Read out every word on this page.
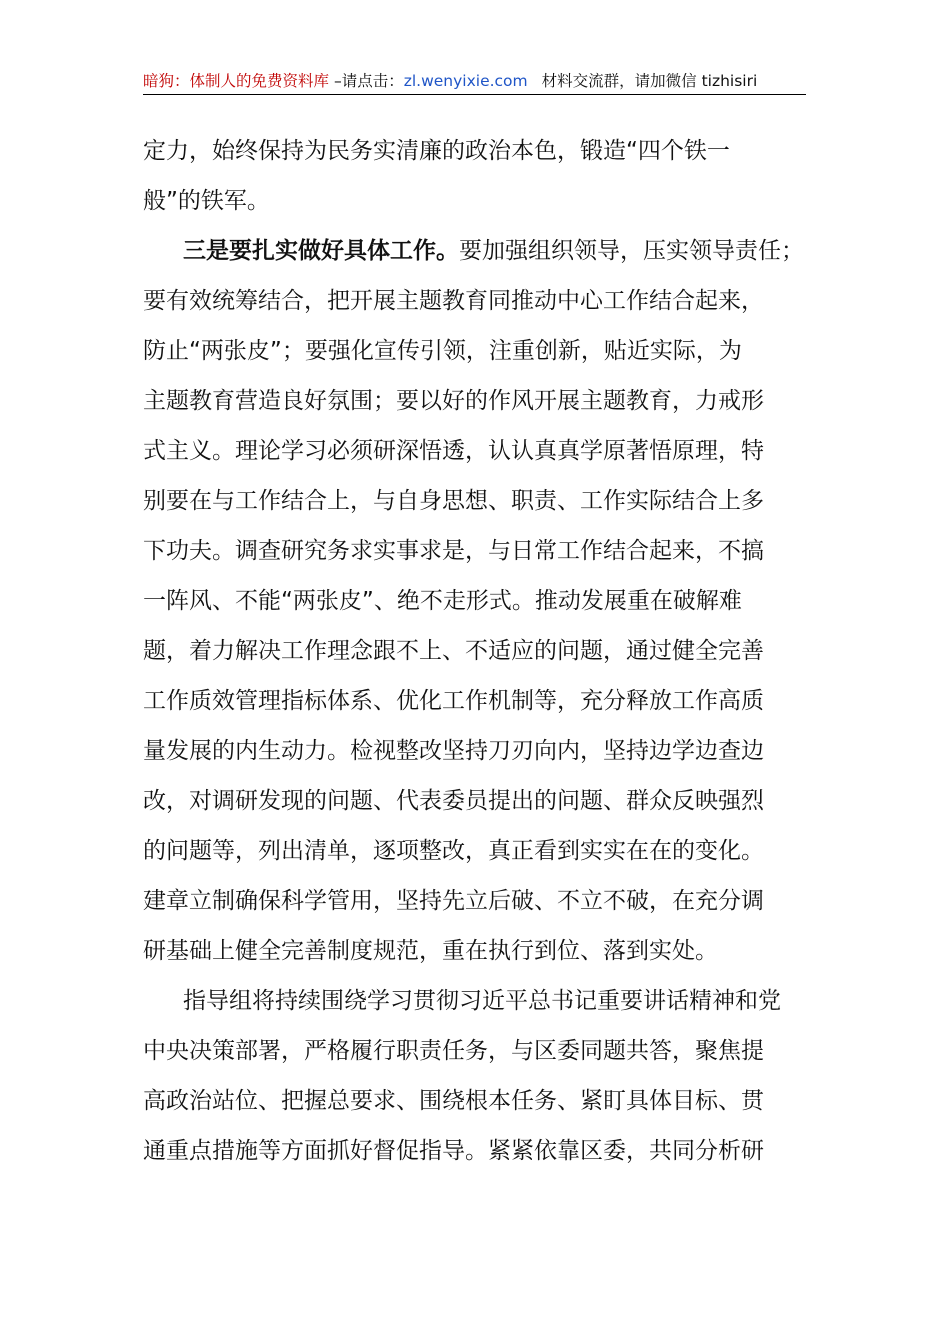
暗狗：体制人的免费资料库 –请点击：zl.wenyixie.com 材料交流群，请加微信 tizhisiri
定力，始终保持为民务实清廉的政治本色，锻造“四个铁一
般”的铁军。
三是要扎实做好具体工作。要加强组织领导，压实领导责任；
要有效统筹结合，把开展主题教育同推动中心工作结合起来，
防止“两张皮”；要强化宣传引领，注重创新，贴近实际，为
主题教育营造良好氛围；要以好的作风开展主题教育，力戒形
式主义。理论学习必须研深悟透，认认真真学原著悟原理，特
别要在与工作结合上，与自身思想、职责、工作实际结合上多
下功夫。调查研究务求实事求是，与日常工作结合起来，不搞
一阵风、不能“两张皮”、绝不走形式。推动发展重在破解难
题，着力解决工作理念跟不上、不适应的问题，通过健全完善
工作质效管理指标体系、优化工作机制等，充分释放工作高质
量发展的内生动力。检视整改坚持刀刃向内，坚持边学边查边
改，对调研发现的问题、代表委员提出的问题、群众反映强烈
的问题等，列出清单，逐项整改，真正看到实实在在的变化。
建章立制确保科学管用，坚持先立后破、不立不破，在充分调
研基础上健全完善制度规范，重在执行到位、落到实处。
指导组将持续围绕学习贯彻习近平总书记重要讲话精神和党
中央决策部署，严格履行职责任务，与区委同题共答，聚焦提
高政治站位、把握总要求、围绕根本任务、紧盯具体目标、贯
通重点措施等方面抓好督促指导。紧紧依靠区委，共同分析研
